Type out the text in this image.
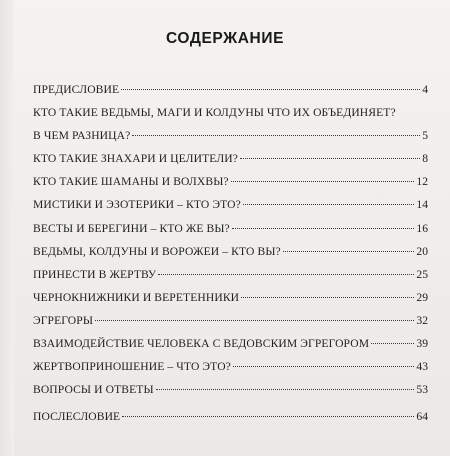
СОДЕРЖАНИЕ
ПРЕДИСЛОВИЕ	4
КТО ТАКИЕ ВЕДЬМЫ, МАГИ И КОЛДУНЫ ЧТО ИХ ОБЪЕДИНЯЕТ?
В ЧЕМ РАЗНИЦА?	5
КТО ТАКИЕ ЗНАХАРИ И ЦЕЛИТЕЛИ?	8
КТО ТАКИЕ ШАМАНЫ И ВОЛХВЫ?	12
МИСТИКИ И ЭЗОТЕРИКИ – КТО ЭТО?	14
ВЕСТЫ И БЕРЕГИНИ – КТО ЖЕ ВЫ?	16
ВЕДЬМЫ, КОЛДУНЫ И ВОРОЖЕИ – КТО ВЫ?	20
ПРИНЕСТИ В ЖЕРТВУ	25
ЧЕРНОКНИЖНИКИ И ВЕРЕТЕННИКИ	29
ЭГРЕГОРЫ	32
ВЗАИМОДЕЙСТВИЕ ЧЕЛОВЕКА С ВЕДОВСКИМ ЭГРЕГОРОМ	39
ЖЕРТВОПРИНОШЕНИЕ – ЧТО ЭТО?	43
ВОПРОСЫ И ОТВЕТЫ	53
ПОСЛЕСЛОВИЕ	64
